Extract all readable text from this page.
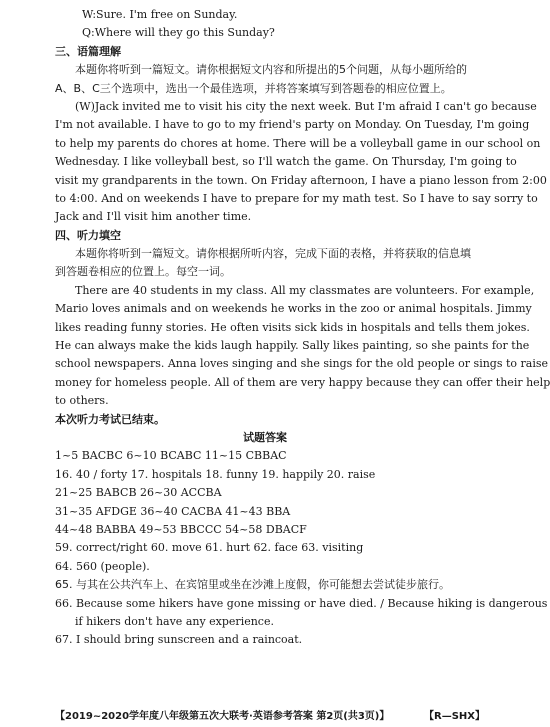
W:Sure. I'm free on Sunday.
Q:Where will they go this Sunday?
三、语篇理解
本题你将听到一篇短文。请你根据短文内容和所提出的5个问题，从每小题所给的
A、B、C三个选项中，选出一个最佳选项，并将答案填写到答题卷的相应位置上。
(W)Jack invited me to visit his city the next week. But I'm afraid I can't go because
I'm not available. I have to go to my friend's party on Monday. On Tuesday, I'm going
to help my parents do chores at home. There will be a volleyball game in our school on
Wednesday. I like volleyball best, so I'll watch the game. On Thursday, I'm going to
visit my grandparents in the town. On Friday afternoon, I have a piano lesson from 2:00
to 4:00. And on weekends I have to prepare for my math test. So I have to say sorry to
Jack and I'll visit him another time.
四、听力填空
本题你将听到一篇短文。请你根据所听内容，完成下面的表格，并将获取的信息填
到答题卷相应的位置上。每空一词。
There are 40 students in my class. All my classmates are volunteers. For example,
Mario loves animals and on weekends he works in the zoo or animal hospitals. Jimmy
likes reading funny stories. He often visits sick kids in hospitals and tells them jokes.
He can always make the kids laugh happily. Sally likes painting, so she paints for the
school newspapers. Anna loves singing and she sings for the old people or sings to raise
money for homeless people. All of them are very happy because they can offer their help
to others.
本次听力考试已结束。
试题答案
1~5 BACBC 6~10 BCABC 11~15 CBBAC
16. 40 / forty 17. hospitals 18. funny 19. happily 20. raise
21~25 BABCB 26~30 ACCBA
31~35 AFDGE 36~40 CACBA 41~43 BBA
44~48 BABBA 49~53 BBCCC 54~58 DBACF
59. correct/right 60. move 61. hurt 62. face 63. visiting
64. 560 (people).
65. 与其在公共汽车上、在宾馆里或坐在沙滩上度假，你可能想去尝试徒步旅行。
66. Because some hikers have gone missing or have died. / Because hiking is dangerous
if hikers don't have any experience.
67. I should bring sunscreen and a raincoat.
【2019~2020学年度八年级第五次大联考·英语参考答案 第2页(共3页)】	【R—SHX】
